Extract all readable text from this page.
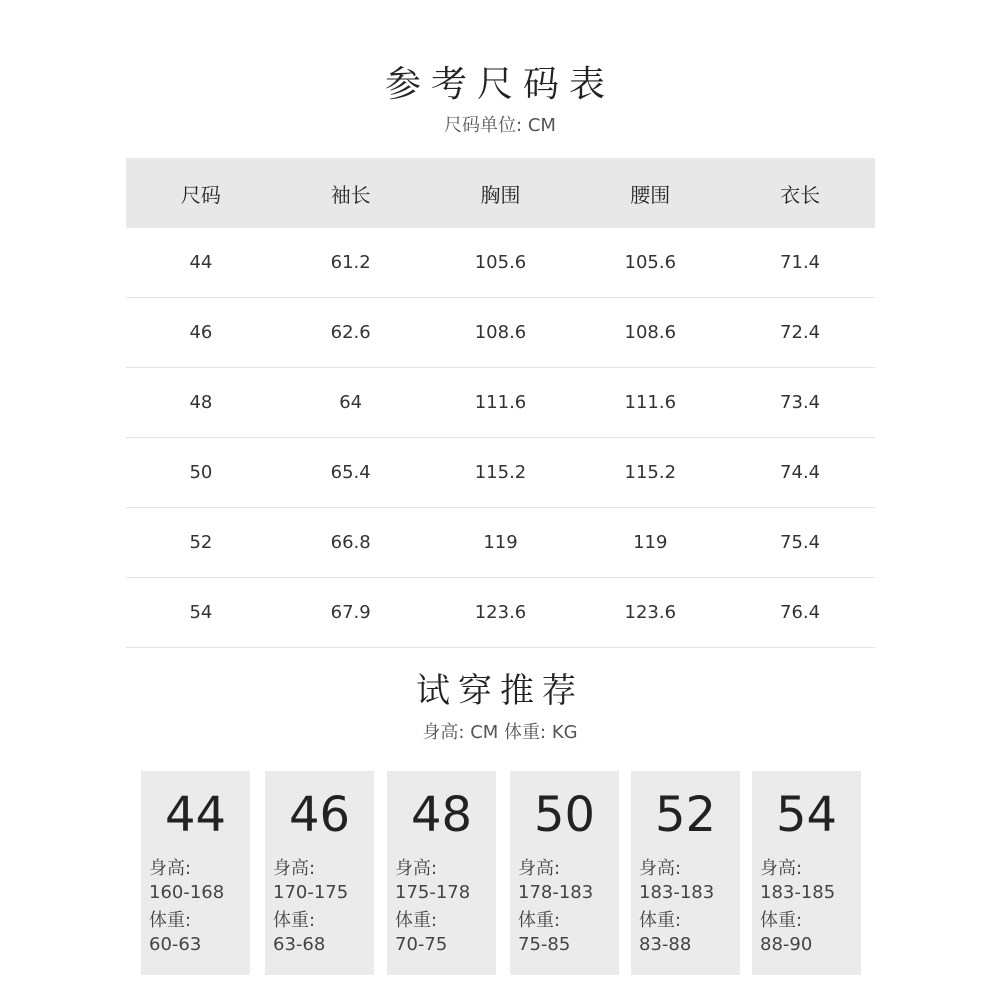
参考尺码表
尺码单位: CM
尺码	袖长	胸围	腰围	衣长
44	61.2	105.6	105.6	71.4
46	62.6	108.6	108.6	72.4
48	64	111.6	111.6	73.4
50	65.4	115.2	115.2	74.4
52	66.8	119	119	75.4
54	67.9	123.6	123.6	76.4
试穿推荐
身高: CM 体重: KG
44
身高:
160-168
体重:
60-63
46
身高:
170-175
体重:
63-68
48
身高:
175-178
体重:
70-75
50
身高:
178-183
体重:
75-85
52
身高:
183-183
体重:
83-88
54
身高:
183-185
体重:
88-90
